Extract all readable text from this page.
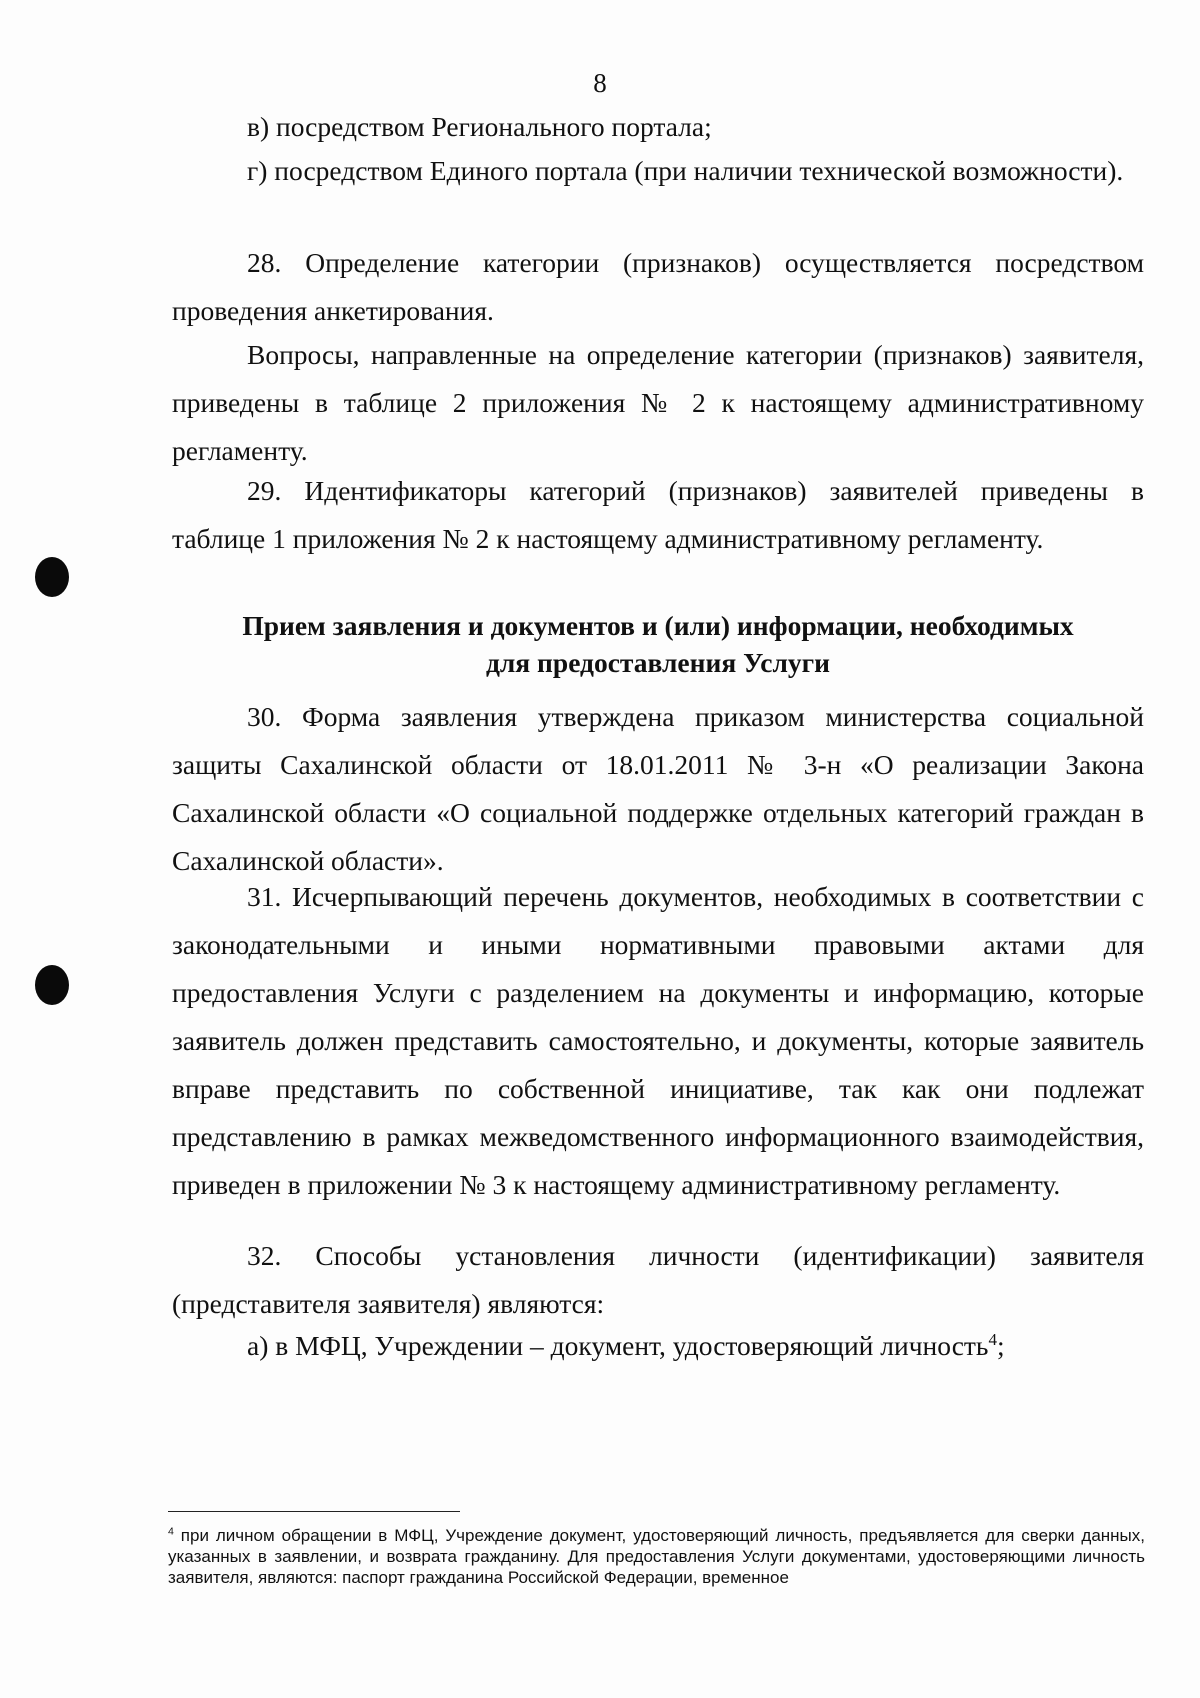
8

в) посредством Регионального портала;

г) посредством Единого портала (при наличии технической возможности).

28. Определение категории (признаков) осуществляется посредством проведения анкетирования.

Вопросы, направленные на определение категории (признаков) заявителя, приведены в таблице 2 приложения № 2 к настоящему административному регламенту.

29. Идентификаторы категорий (признаков) заявителей приведены в таблице 1 приложения № 2 к настоящему административному регламенту.

Прием заявления и документов и (или) информации, необходимых
для предоставления Услуги

30. Форма заявления утверждена приказом министерства социальной защиты Сахалинской области от 18.01.2011 № 3-н «О реализации Закона Сахалинской области «О социальной поддержке отдельных категорий граждан в Сахалинской области».

31. Исчерпывающий перечень документов, необходимых в соответствии с законодательными и иными нормативными правовыми актами для предоставления Услуги с разделением на документы и информацию, которые заявитель должен представить самостоятельно, и документы, которые заявитель вправе представить по собственной инициативе, так как они подлежат представлению в рамках межведомственного информационного взаимодействия, приведен в приложении № 3 к настоящему административному регламенту.

32. Способы установления личности (идентификации) заявителя (представителя заявителя) являются:

а) в МФЦ, Учреждении – документ, удостоверяющий личность$^4$;

$^4$ при личном обращении в МФЦ, Учреждение документ, удостоверяющий личность, предъявляется для сверки данных, указанных в заявлении, и возврата гражданину. Для предоставления Услуги документами, удостоверяющими личность заявителя, являются: паспорт гражданина Российской Федерации, временное
